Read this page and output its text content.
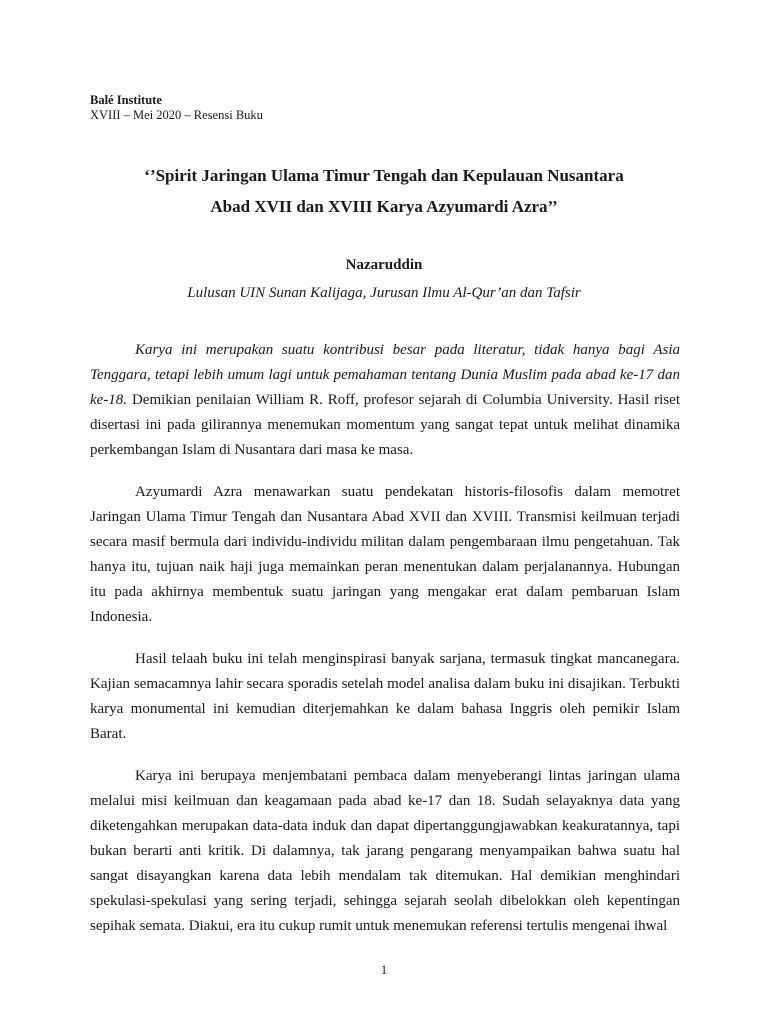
Balé Institute
XVIII – Mei 2020 – Resensi Buku
‘’Spirit Jaringan Ulama Timur Tengah dan Kepulauan Nusantara
Abad XVII dan XVIII Karya Azyumardi Azra’’
Nazaruddin
Lulusan UIN Sunan Kalijaga, Jurusan Ilmu Al-Qur’an dan Tafsir

Karya ini merupakan suatu kontribusi besar pada literatur, tidak hanya bagi Asia Tenggara, tetapi lebih umum lagi untuk pemahaman tentang Dunia Muslim pada abad ke-17 dan ke-18. Demikian penilaian William R. Roff, profesor sejarah di Columbia University. Hasil riset disertasi ini pada gilirannya menemukan momentum yang sangat tepat untuk melihat dinamika perkembangan Islam di Nusantara dari masa ke masa.

Azyumardi Azra menawarkan suatu pendekatan historis-filosofis dalam memotret Jaringan Ulama Timur Tengah dan Nusantara Abad XVII dan XVIII. Transmisi keilmuan terjadi secara masif bermula dari individu-individu militan dalam pengembaraan ilmu pengetahuan. Tak hanya itu, tujuan naik haji juga memainkan peran menentukan dalam perjalanannya. Hubungan itu pada akhirnya membentuk suatu jaringan yang mengakar erat dalam pembaruan Islam Indonesia.

Hasil telaah buku ini telah menginspirasi banyak sarjana, termasuk tingkat mancanegara. Kajian semacamnya lahir secara sporadis setelah model analisa dalam buku ini disajikan. Terbukti karya monumental ini kemudian diterjemahkan ke dalam bahasa Inggris oleh pemikir Islam Barat.

Karya ini berupaya menjembatani pembaca dalam menyeberangi lintas jaringan ulama melalui misi keilmuan dan keagamaan pada abad ke-17 dan 18. Sudah selayaknya data yang diketengahkan merupakan data-data induk dan dapat dipertanggungjawabkan keakuratannya, tapi bukan berarti anti kritik. Di dalamnya, tak jarang pengarang menyampaikan bahwa suatu hal sangat disayangkan karena data lebih mendalam tak ditemukan. Hal demikian menghindari spekulasi-spekulasi yang sering terjadi, sehingga sejarah seolah dibelokkan oleh kepentingan sepihak semata. Diakui, era itu cukup rumit untuk menemukan referensi tertulis mengenai ihwal

1
